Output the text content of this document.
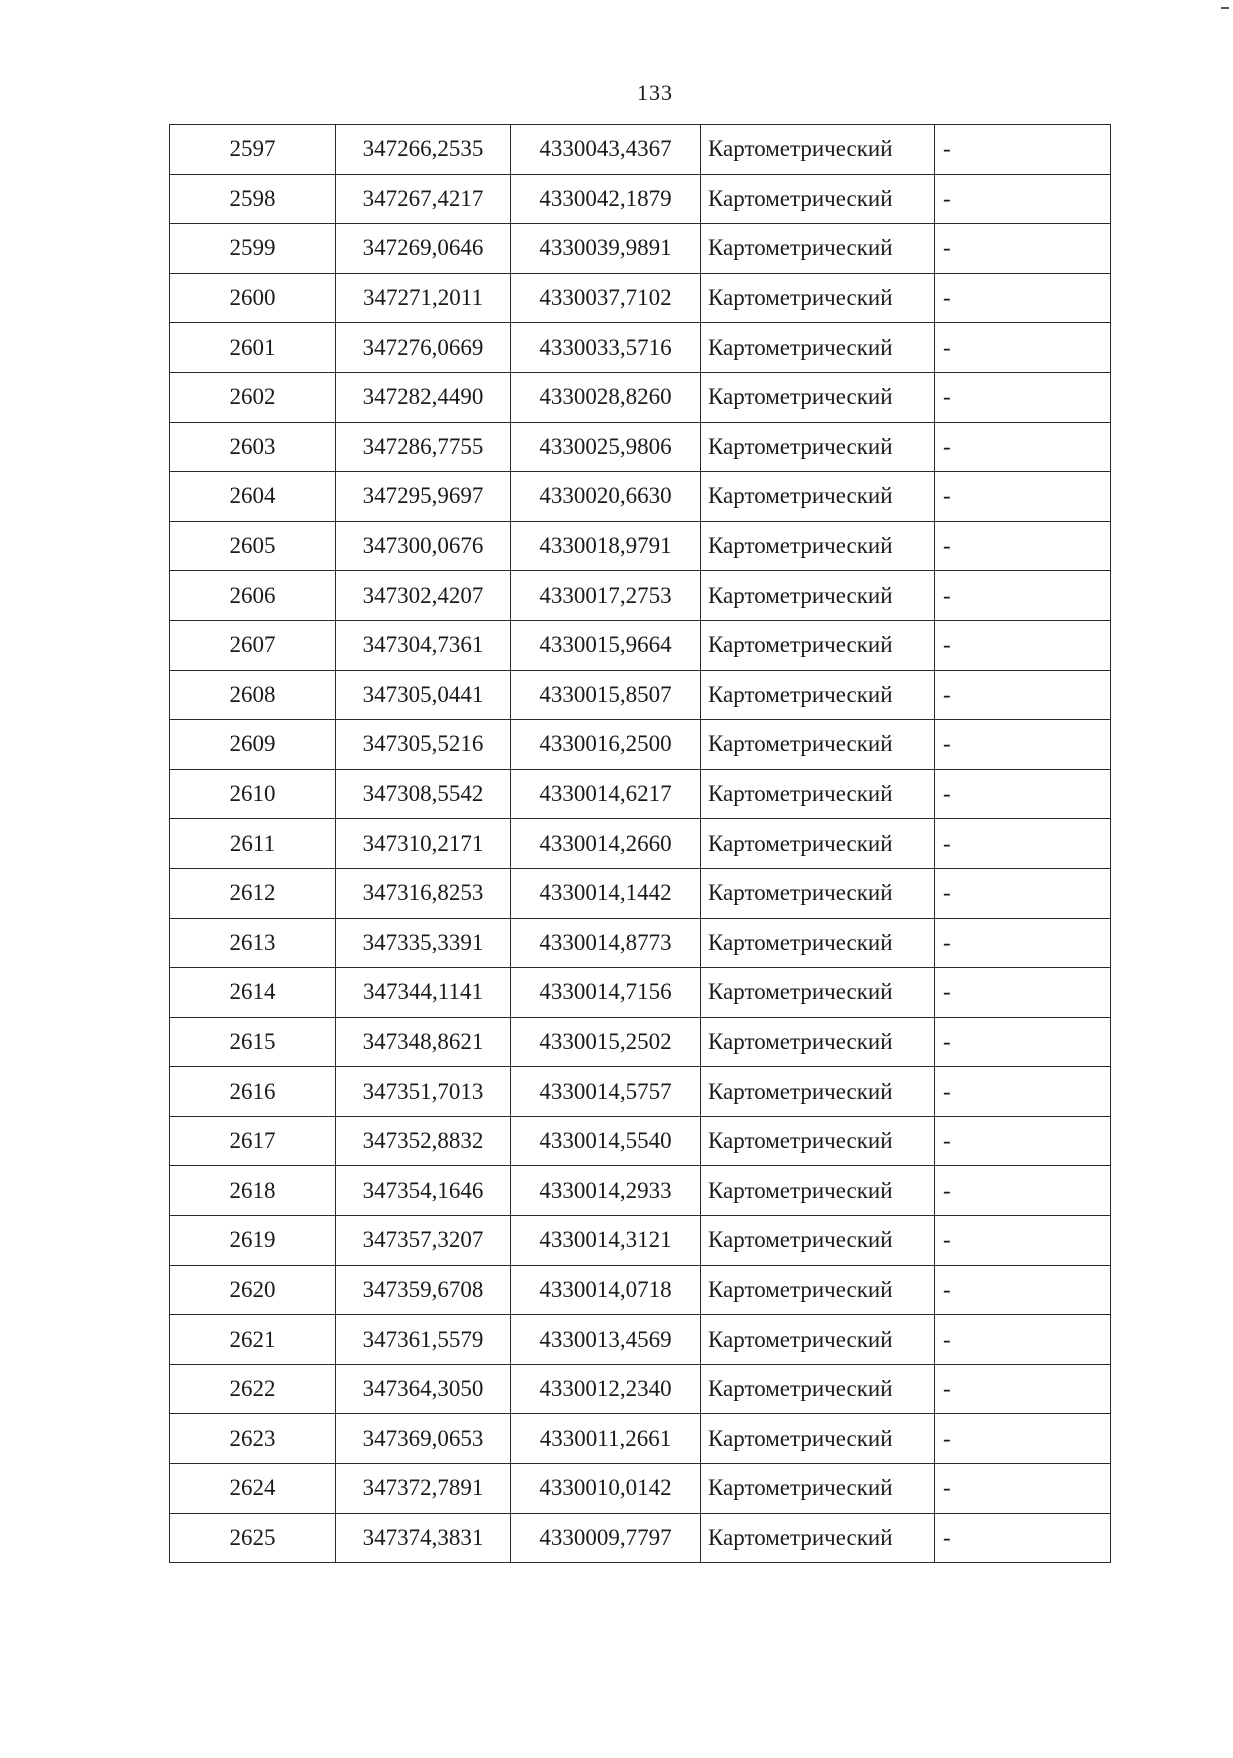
133
2597	347266,2535	4330043,4367	Картометрический	-
2598	347267,4217	4330042,1879	Картометрический	-
2599	347269,0646	4330039,9891	Картометрический	-
2600	347271,2011	4330037,7102	Картометрический	-
2601	347276,0669	4330033,5716	Картометрический	-
2602	347282,4490	4330028,8260	Картометрический	-
2603	347286,7755	4330025,9806	Картометрический	-
2604	347295,9697	4330020,6630	Картометрический	-
2605	347300,0676	4330018,9791	Картометрический	-
2606	347302,4207	4330017,2753	Картометрический	-
2607	347304,7361	4330015,9664	Картометрический	-
2608	347305,0441	4330015,8507	Картометрический	-
2609	347305,5216	4330016,2500	Картометрический	-
2610	347308,5542	4330014,6217	Картометрический	-
2611	347310,2171	4330014,2660	Картометрический	-
2612	347316,8253	4330014,1442	Картометрический	-
2613	347335,3391	4330014,8773	Картометрический	-
2614	347344,1141	4330014,7156	Картометрический	-
2615	347348,8621	4330015,2502	Картометрический	-
2616	347351,7013	4330014,5757	Картометрический	-
2617	347352,8832	4330014,5540	Картометрический	-
2618	347354,1646	4330014,2933	Картометрический	-
2619	347357,3207	4330014,3121	Картометрический	-
2620	347359,6708	4330014,0718	Картометрический	-
2621	347361,5579	4330013,4569	Картометрический	-
2622	347364,3050	4330012,2340	Картометрический	-
2623	347369,0653	4330011,2661	Картометрический	-
2624	347372,7891	4330010,0142	Картометрический	-
2625	347374,3831	4330009,7797	Картометрический	-
